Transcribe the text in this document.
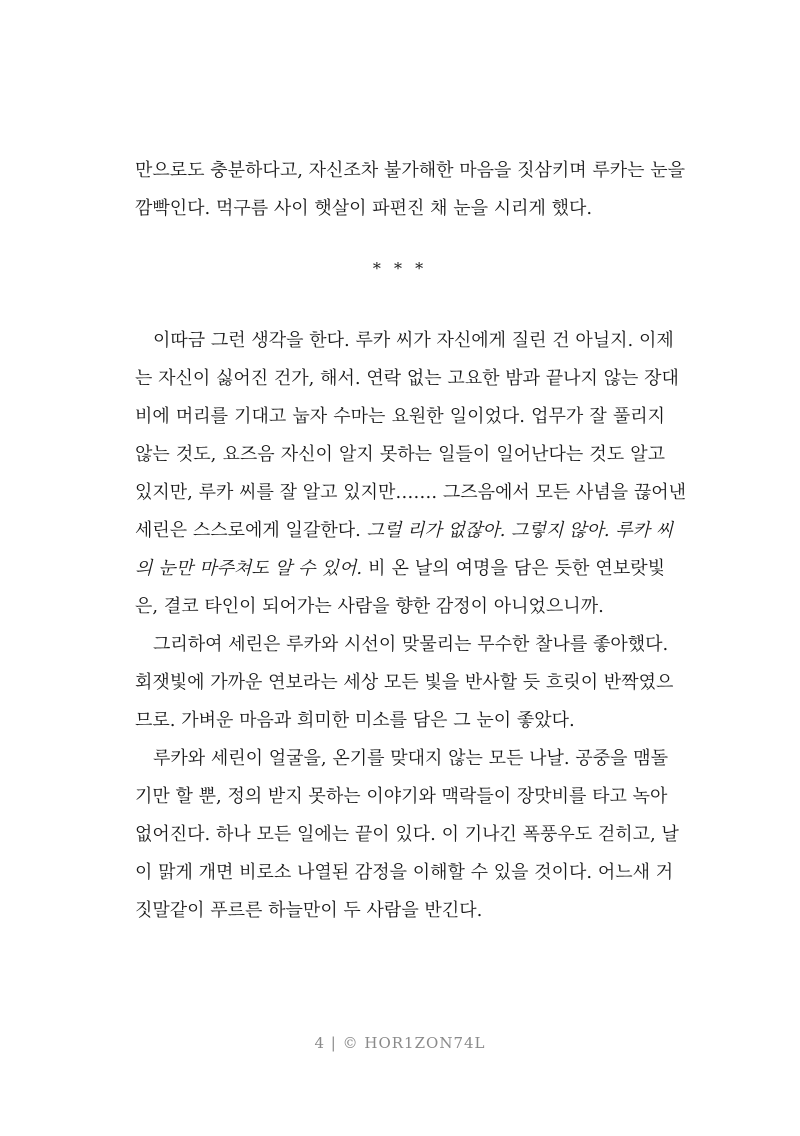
만으로도 충분하다고, 자신조차 불가해한 마음을 짓삼키며 루카는 눈을
깜빡인다. 먹구름 사이 햇살이 파편진 채 눈을 시리게 했다.
* * *
이따금 그런 생각을 한다. 루카 씨가 자신에게 질린 건 아닐지. 이제
는 자신이 싫어진 건가, 해서. 연락 없는 고요한 밤과 끝나지 않는 장대
비에 머리를 기대고 눕자 수마는 요원한 일이었다. 업무가 잘 풀리지
않는 것도, 요즈음 자신이 알지 못하는 일들이 일어난다는 것도 알고
있지만, 루카 씨를 잘 알고 있지만……. 그즈음에서 모든 사념을 끊어낸
세린은 스스로에게 일갈한다. 그럴 리가 없잖아. 그렇지 않아. 루카 씨
의 눈만 마주쳐도 알 수 있어. 비 온 날의 여명을 담은 듯한 연보랏빛
은, 결코 타인이 되어가는 사람을 향한 감정이 아니었으니까.
그리하여 세린은 루카와 시선이 맞물리는 무수한 찰나를 좋아했다.
회잿빛에 가까운 연보라는 세상 모든 빛을 반사할 듯 흐릿이 반짝였으
므로. 가벼운 마음과 희미한 미소를 담은 그 눈이 좋았다.
루카와 세린이 얼굴을, 온기를 맞대지 않는 모든 나날. 공중을 맴돌
기만 할 뿐, 정의 받지 못하는 이야기와 맥락들이 장맛비를 타고 녹아
없어진다. 하나 모든 일에는 끝이 있다. 이 기나긴 폭풍우도 걷히고, 날
이 맑게 개면 비로소 나열된 감정을 이해할 수 있을 것이다. 어느새 거
짓말같이 푸르른 하늘만이 두 사람을 반긴다.
4 | © HOR1ZON74L
